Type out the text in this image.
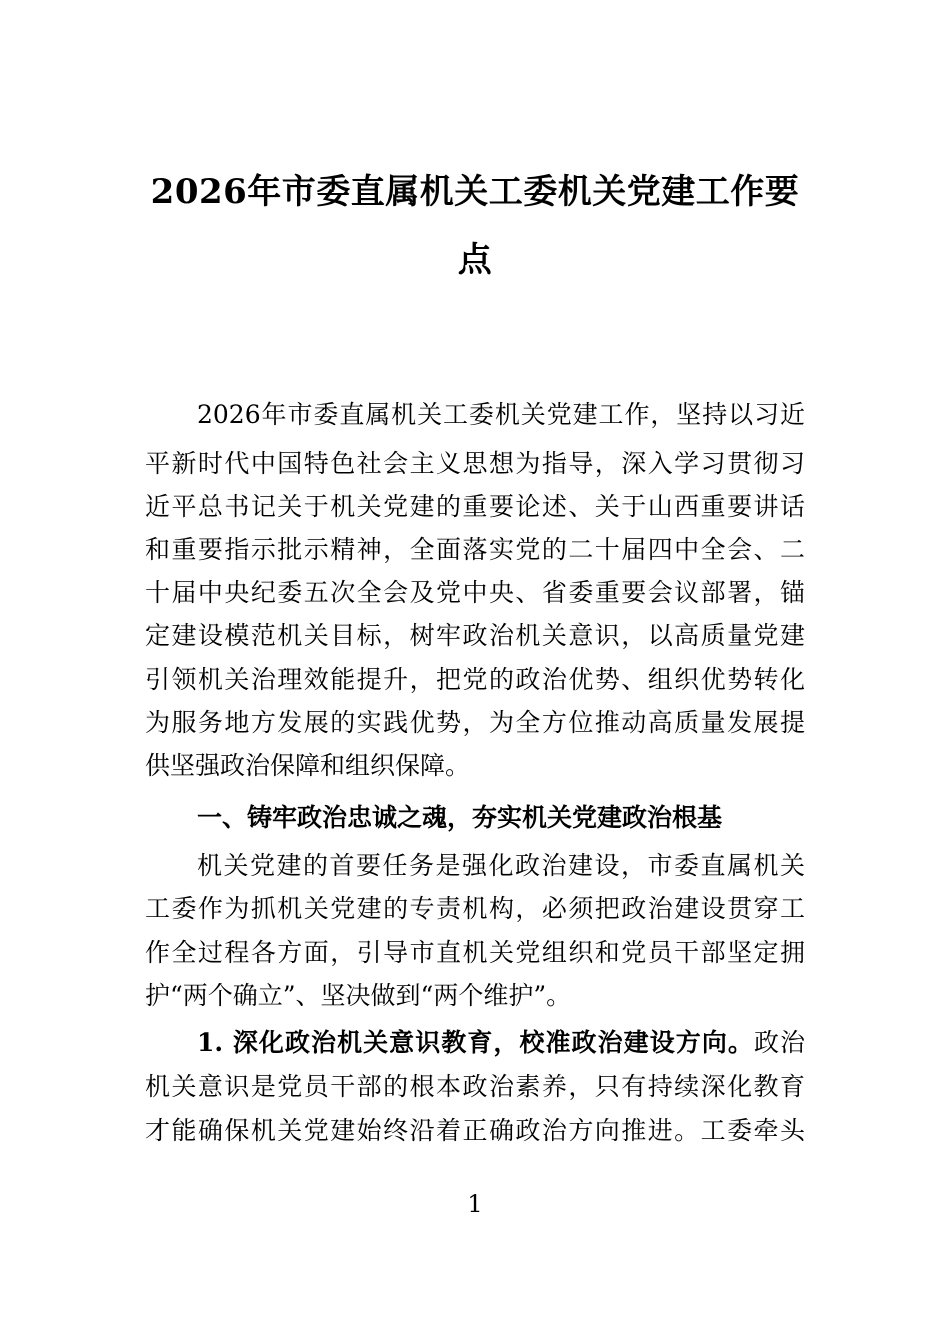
2026年市委直属机关工委机关党建工作要
点
2026年市委直属机关工委机关党建工作，坚持以习近
平新时代中国特色社会主义思想为指导，深入学习贯彻习
近平总书记关于机关党建的重要论述、关于山西重要讲话
和重要指示批示精神，全面落实党的二十届四中全会、二
十届中央纪委五次全会及党中央、省委重要会议部署，锚
定建设模范机关目标，树牢政治机关意识，以高质量党建
引领机关治理效能提升，把党的政治优势、组织优势转化
为服务地方发展的实践优势，为全方位推动高质量发展提
供坚强政治保障和组织保障。
一、铸牢政治忠诚之魂，夯实机关党建政治根基
机关党建的首要任务是强化政治建设，市委直属机关
工委作为抓机关党建的专责机构，必须把政治建设贯穿工
作全过程各方面，引导市直机关党组织和党员干部坚定拥
护“两个确立”、坚决做到“两个维护”。
1. 深化政治机关意识教育，校准政治建设方向。政治
机关意识是党员干部的根本政治素养，只有持续深化教育
才能确保机关党建始终沿着正确政治方向推进。工委牵头
1
